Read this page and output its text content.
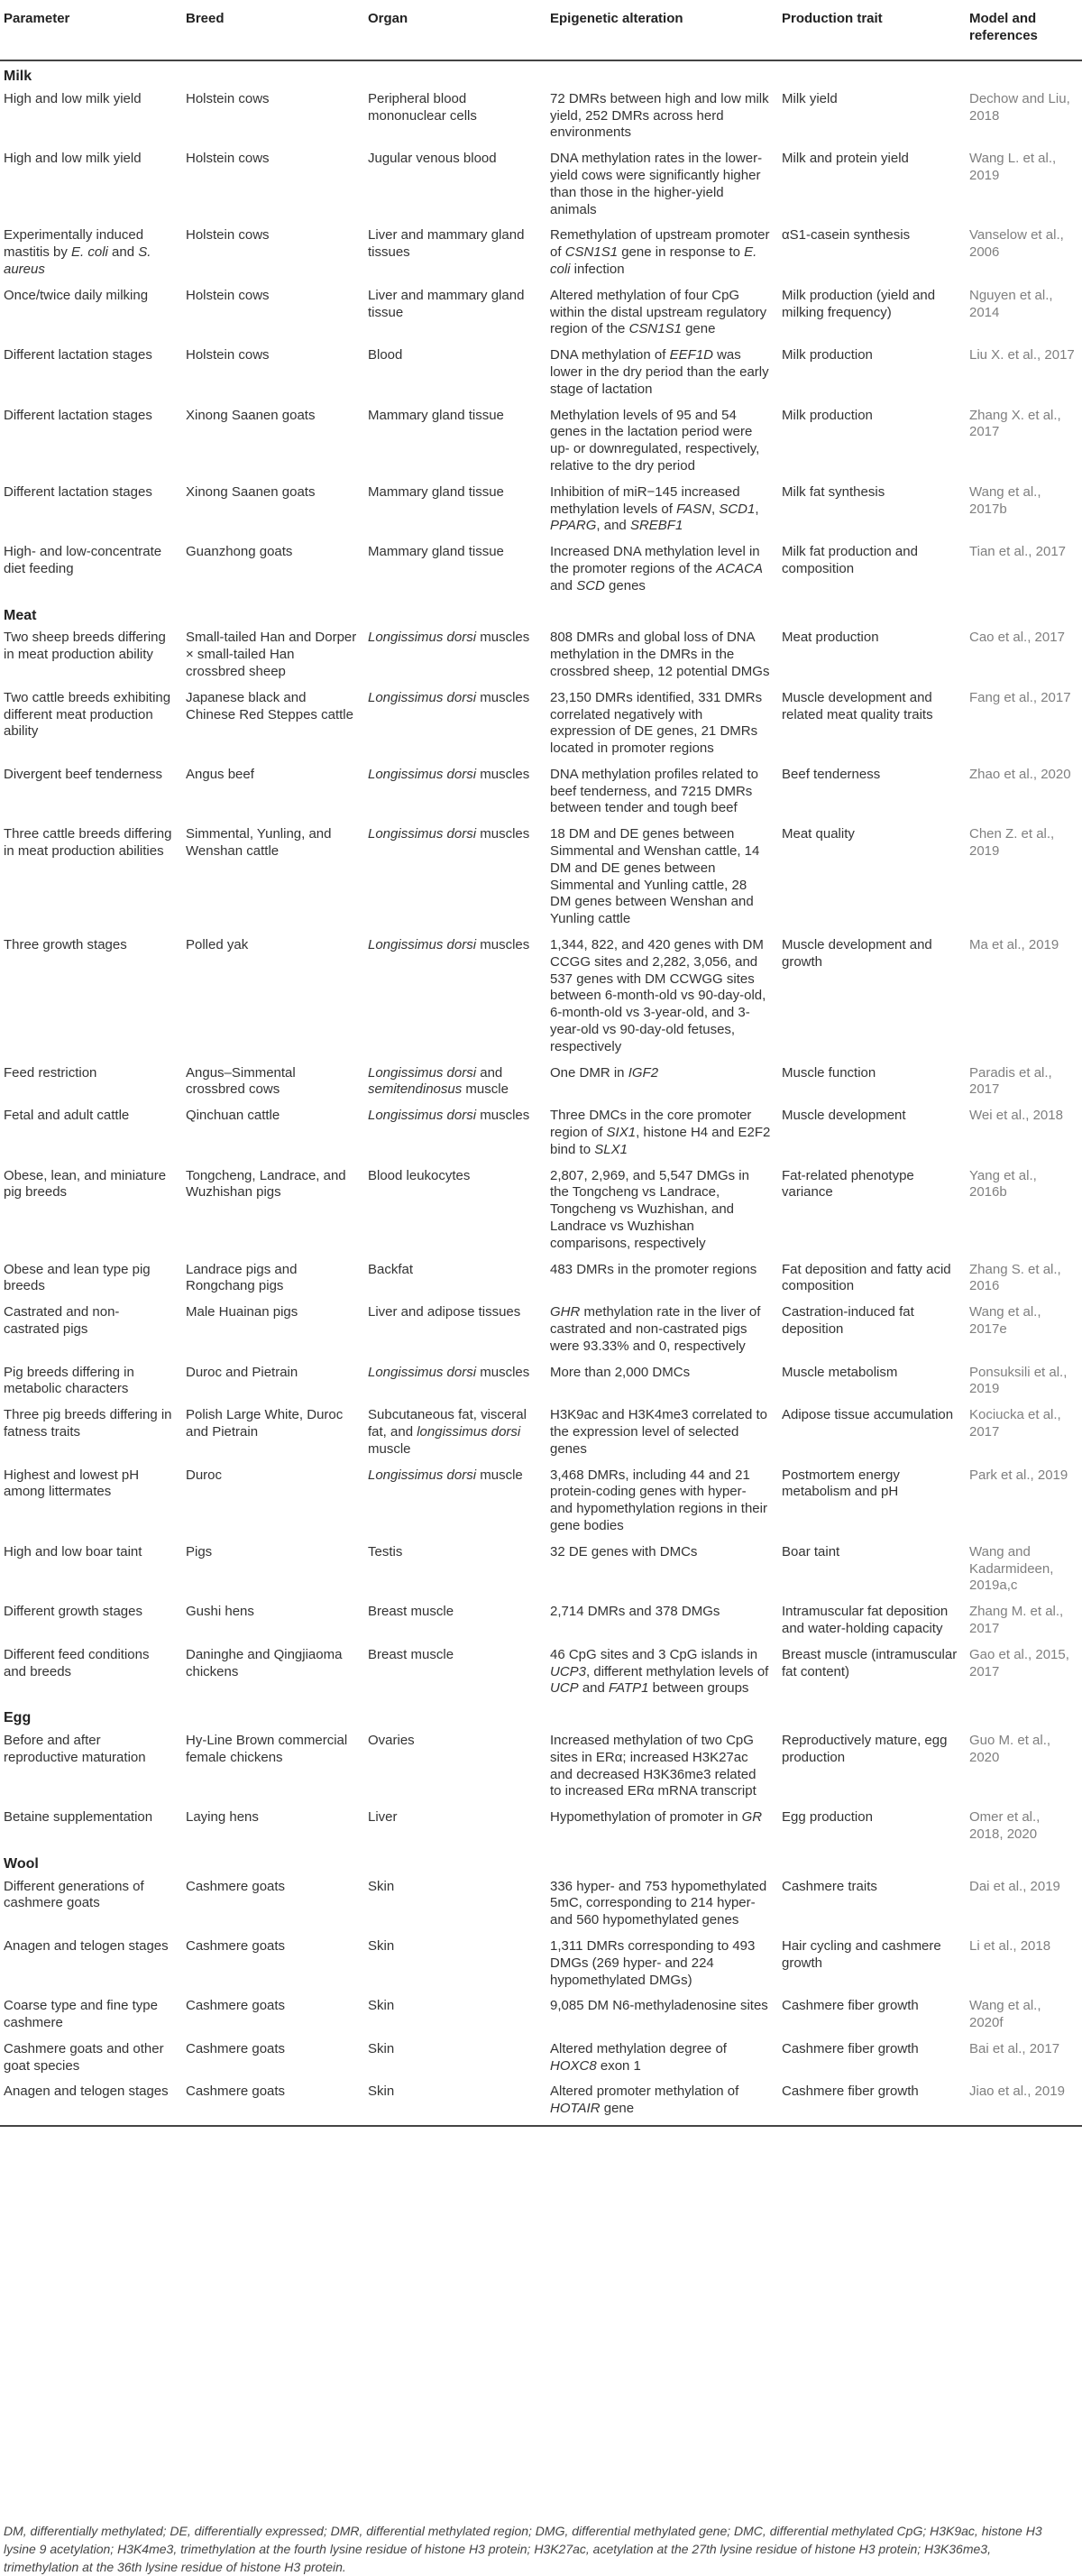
Parameter	Breed	Organ	Epigenetic alteration	Production trait	Model and references
Milk					
High and low milk yield	Holstein cows	Peripheral blood mononuclear cells	72 DMRs between high and low milk yield, 252 DMRs across herd environments	Milk yield	Dechow and Liu, 2018
High and low milk yield	Holstein cows	Jugular venous blood	DNA methylation rates in the lower-yield cows were significantly higher than those in the higher-yield animals	Milk and protein yield	Wang L. et al., 2019
Experimentally induced mastitis by E. coli and S. aureus	Holstein cows	Liver and mammary gland tissues	Remethylation of upstream promoter of CSN1S1 gene in response to E. coli infection	αS1-casein synthesis	Vanselow et al., 2006
Once/twice daily milking	Holstein cows	Liver and mammary gland tissue	Altered methylation of four CpG within the distal upstream regulatory region of the CSN1S1 gene	Milk production (yield and milking frequency)	Nguyen et al., 2014
Different lactation stages	Holstein cows	Blood	DNA methylation of EEF1D was lower in the dry period than the early stage of lactation	Milk production	Liu X. et al., 2017
Different lactation stages	Xinong Saanen goats	Mammary gland tissue	Methylation levels of 95 and 54 genes in the lactation period were up- or downregulated, respectively, relative to the dry period	Milk production	Zhang X. et al., 2017
Different lactation stages	Xinong Saanen goats	Mammary gland tissue	Inhibition of miR−145 increased methylation levels of FASN, SCD1, PPARG, and SREBF1	Milk fat synthesis	Wang et al., 2017b
High- and low-concentrate diet feeding	Guanzhong goats	Mammary gland tissue	Increased DNA methylation level in the promoter regions of the ACACA and SCD genes	Milk fat production and composition	Tian et al., 2017
Meat					
Two sheep breeds differing in meat production ability	Small-tailed Han and Dorper × small-tailed Han crossbred sheep	Longissimus dorsi muscles	808 DMRs and global loss of DNA methylation in the DMRs in the crossbred sheep, 12 potential DMGs	Meat production	Cao et al., 2017
Two cattle breeds exhibiting different meat production ability	Japanese black and Chinese Red Steppes cattle	Longissimus dorsi muscles	23,150 DMRs identified, 331 DMRs correlated negatively with expression of DE genes, 21 DMRs located in promoter regions	Muscle development and related meat quality traits	Fang et al., 2017
Divergent beef tenderness	Angus beef	Longissimus dorsi muscles	DNA methylation profiles related to beef tenderness, and 7215 DMRs between tender and tough beef	Beef tenderness	Zhao et al., 2020
Three cattle breeds differing in meat production abilities	Simmental, Yunling, and Wenshan cattle	Longissimus dorsi muscles	18 DM and DE genes between Simmental and Wenshan cattle, 14 DM and DE genes between Simmental and Yunling cattle, 28 DM genes between Wenshan and Yunling cattle	Meat quality	Chen Z. et al., 2019
Three growth stages	Polled yak	Longissimus dorsi muscles	1,344, 822, and 420 genes with DM CCGG sites and 2,282, 3,056, and 537 genes with DM CCWGG sites between 6-month-old vs 90-day-old, 6-month-old vs 3-year-old, and 3-year-old vs 90-day-old fetuses, respectively	Muscle development and growth	Ma et al., 2019
Feed restriction	Angus–Simmental crossbred cows	Longissimus dorsi and semitendinosus muscle	One DMR in IGF2	Muscle function	Paradis et al., 2017
Fetal and adult cattle	Qinchuan cattle	Longissimus dorsi muscles	Three DMCs in the core promoter region of SIX1, histone H4 and E2F2 bind to SLX1	Muscle development	Wei et al., 2018
Obese, lean, and miniature pig breeds	Tongcheng, Landrace, and Wuzhishan pigs	Blood leukocytes	2,807, 2,969, and 5,547 DMGs in the Tongcheng vs Landrace, Tongcheng vs Wuzhishan, and Landrace vs Wuzhishan comparisons, respectively	Fat-related phenotype variance	Yang et al., 2016b
Obese and lean type pig breeds	Landrace pigs and Rongchang pigs	Backfat	483 DMRs in the promoter regions	Fat deposition and fatty acid composition	Zhang S. et al., 2016
Castrated and non-castrated pigs	Male Huainan pigs	Liver and adipose tissues	GHR methylation rate in the liver of castrated and non-castrated pigs were 93.33% and 0, respectively	Castration-induced fat deposition	Wang et al., 2017e
Pig breeds differing in metabolic characters	Duroc and Pietrain	Longissimus dorsi muscles	More than 2,000 DMCs	Muscle metabolism	Ponsuksili et al., 2019
Three pig breeds differing in fatness traits	Polish Large White, Duroc and Pietrain	Subcutaneous fat, visceral fat, and longissimus dorsi muscle	H3K9ac and H3K4me3 correlated to the expression level of selected genes	Adipose tissue accumulation	Kociucka et al., 2017
Highest and lowest pH among littermates	Duroc	Longissimus dorsi muscle	3,468 DMRs, including 44 and 21 protein-coding genes with hyper- and hypomethylation regions in their gene bodies	Postmortem energy metabolism and pH	Park et al., 2019
High and low boar taint	Pigs	Testis	32 DE genes with DMCs	Boar taint	Wang and Kadarmideen, 2019a,c
Different growth stages	Gushi hens	Breast muscle	2,714 DMRs and 378 DMGs	Intramuscular fat deposition and water-holding capacity	Zhang M. et al., 2017
Different feed conditions and breeds	Daninghe and Qingjiaoma chickens	Breast muscle	46 CpG sites and 3 CpG islands in UCP3, different methylation levels of UCP and FATP1 between groups	Breast muscle (intramuscular fat content)	Gao et al., 2015, 2017
Egg					
Before and after reproductive maturation	Hy-Line Brown commercial female chickens	Ovaries	Increased methylation of two CpG sites in ERα; increased H3K27ac and decreased H3K36me3 related to increased ERα mRNA transcript	Reproductively mature, egg production	Guo M. et al., 2020
Betaine supplementation	Laying hens	Liver	Hypomethylation of promoter in GR	Egg production	Omer et al., 2018, 2020
Wool					
Different generations of cashmere goats	Cashmere goats	Skin	336 hyper- and 753 hypomethylated 5mC, corresponding to 214 hyper- and 560 hypomethylated genes	Cashmere traits	Dai et al., 2019
Anagen and telogen stages	Cashmere goats	Skin	1,311 DMRs corresponding to 493 DMGs (269 hyper- and 224 hypomethylated DMGs)	Hair cycling and cashmere growth	Li et al., 2018
Coarse type and fine type cashmere	Cashmere goats	Skin	9,085 DM N6-methyladenosine sites	Cashmere fiber growth	Wang et al., 2020f
Cashmere goats and other goat species	Cashmere goats	Skin	Altered methylation degree of HOXC8 exon 1	Cashmere fiber growth	Bai et al., 2017
Anagen and telogen stages	Cashmere goats	Skin	Altered promoter methylation of HOTAIR gene	Cashmere fiber growth	Jiao et al., 2019
DM, differentially methylated; DE, differentially expressed; DMR, differential methylated region; DMG, differential methylated gene; DMC, differential methylated CpG; H3K9ac, histone H3 lysine 9 acetylation; H3K4me3, trimethylation at the fourth lysine residue of histone H3 protein; H3K27ac, acetylation at the 27th lysine residue of histone H3 protein; H3K36me3, trimethylation at the 36th lysine residue of histone H3 protein.
